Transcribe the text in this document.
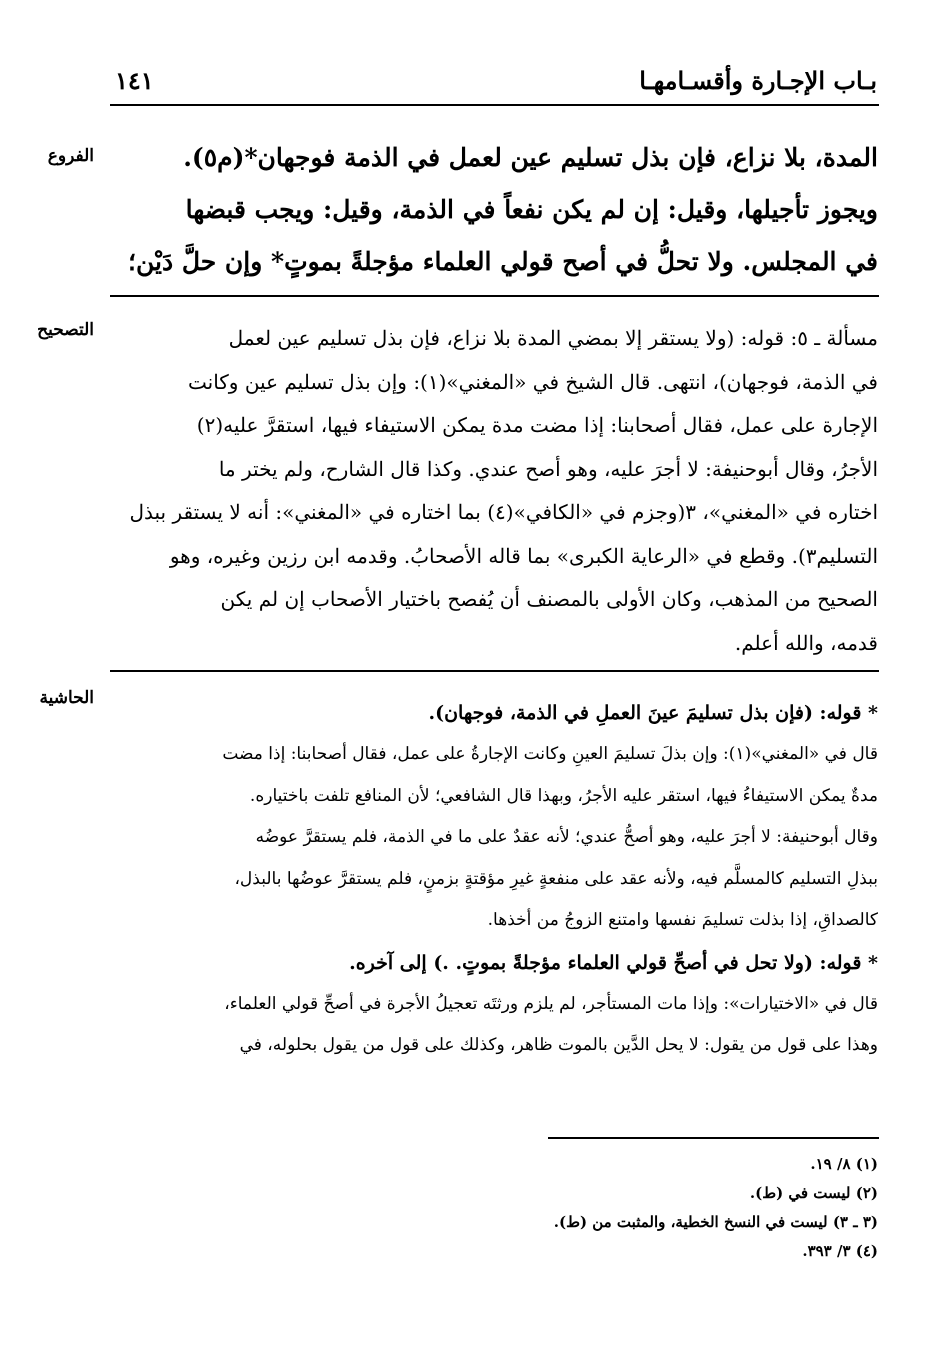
بـاب الإجـارة وأقسـامهـا
١٤١
الفروع
التصحيح
الحاشية
المدة، بلا نزاع، فإن بذل تسليم عين لعمل في الذمة فوجهان*(م٥).
ويجوز تأجيلها، وقيل: إن لم يكن نفعاً في الذمة، وقيل: ويجب قبضها
في المجلس. ولا تحلُّ في أصح قولي العلماء مؤجلةً بموتٍ* وإن حلَّ دَيْن؛
مسألة ـ ٥: قوله: (ولا يستقر إلا بمضي المدة بلا نزاع، فإن بذل تسليم عين لعمل
في الذمة، فوجهان)، انتهى. قال الشيخ في «المغني»(١): وإن بذل تسليم عين وكانت
الإجارة على عمل، فقال أصحابنا: إذا مضت مدة يمكن الاستيفاء فيها، استقرَّ عليه(٢)
الأجرُ، وقال أبوحنيفة: لا أجرَ عليه، وهو أصح عندي. وكذا قال الشارح، ولم يختر ما
اختاره في «المغني»، ٣(وجزم في «الكافي»(٤) بما اختاره في «المغني»: أنه لا يستقر ببذل
التسليم٣). وقطع في «الرعاية الكبرى» بما قاله الأصحابُ. وقدمه ابن رزين وغيره، وهو
الصحيح من المذهب، وكان الأولى بالمصنف أن يُفصح باختيار الأصحاب إن لم يكن
قدمه، والله أعلم.
* قوله: (فإن بذل تسليمَ عينَ العملِ في الذمة، فوجهان).
قال في «المغني»(١): وإن بذلَ تسليمَ العينِ وكانت الإجارةُ على عمل، فقال أصحابنا: إذا مضت
مدةٌ يمكن الاستيفاءُ فيها، استقر عليه الأجرُ، وبهذا قال الشافعي؛ لأن المنافع تلفت باختياره.
وقال أبوحنيفة: لا أجرَ عليه، وهو أصحُّ عندي؛ لأنه عقدٌ على ما في الذمة، فلم يستقرَّ عوضُه
ببذلِ التسليم كالمسلَّم فيه، ولأنه عقد على منفعةٍ غيرِ مؤقتةٍ بزمنٍ، فلم يستقرَّ عوضُها بالبذل،
كالصداقِ، إذا بذلت تسليمَ نفسها وامتنع الزوجُ من أخذها.
* قوله: (ولا تحل في أصحِّ قولي العلماء مؤجلةً بموتٍ. .) إلى آخره.
قال في «الاختيارات»: وإذا مات المستأجر، لم يلزم ورثتَه تعجيلُ الأجرة في أصحِّ قولي العلماء،
وهذا على قول من يقول: لا يحل الدَّين بالموت ظاهر، وكذلك على قول من يقول بحلوله، في
(١) ٨/ ١٩.
(٢) ليست في (ط).
(٣ ـ ٣) ليست في النسخ الخطية، والمثبت من (ط).
(٤) ٣/ ٣٩٣.
